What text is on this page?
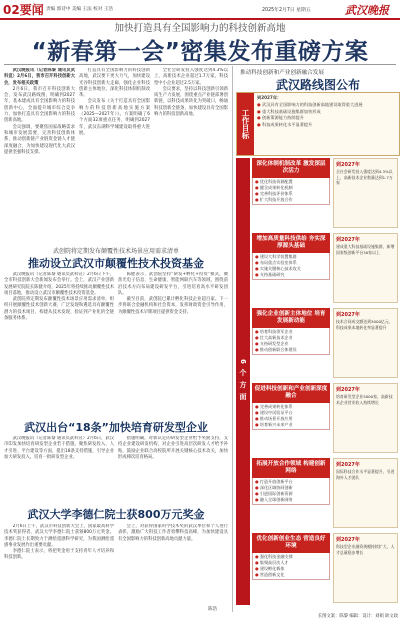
02要闻 责编 郭诗中 美编 王法 校对 王浩	2025年2月7日 星期五	武汉晚报
加快打造具有全国影响力的科技创新高地
“新春第一会”密集发布重磅方案

武汉晚报讯（记者陈黎 通讯员武科宣）2月6日，我市召开科技创新大会，发布相关政策

2月6日，我市召开科技创新大会，发布武汉路线图，明确到2027年，基本建成具有全国影响力的科技创新中心，全面提升城市综合竞争力，加快打造具有全国影响力的科技创新高地。

会议强调，要聚焦国家战略需求和城市发展需要，完善科技创新体系，推动创新链产业链资金链人才链深度融合，为加快建设现代化大武汉提供坚强科技支撑。

打造具有全国影响力的科技创新高地，武汉要下更大力气，加快建设光谷科技创新大走廊，强化企业科技创新主体地位，深化科技体制机制改革。

会议发布《关于打造具有全国影响力的科技创新高地实施方案（2025—2027年）》。方案明确了6个方面32项重点任务，明确到2027年，武汉东湖科学城建设取得重大进展。

全社会研发投入强度达到4.3%以上，高新技术企业超过1.7万家，科技型中小企业超过2.5万家。

会议要求，坚持以科技创新引领新质生产力发展，围绕重点产业链部署创新链，以科技成果转化为突破口，畅通科技创新全链条，加快建设具有全国影响力的科技创新高地。

武创院将定期发布颠覆性技术场景应用需求清单
推动设立武汉市颠覆性技术投资基金

武汉晚报讯（记者陈黎 通讯员武科宣）2月6日下午，全市科技创新大会新闻发布会举行。会上，武汉产业创新发展研究院院长陈健介绍，2025年将持续推动颠覆性技术项目落地，推动设立武汉市颠覆性技术投资基金。

武创院将定期发布颠覆性技术场景应用需求清单，组织开展颠覆性技术创新大赛，广泛发现和遴选具有颠覆性潜力的技术项目，构建从技术发现、验证到产业化的全链条服务体系。

陈健表示，武创院坚持“研发+孵化+投资”模式，聚焦光电子信息、生命健康、智能网联汽车等领域，围绕前沿技术方向布局建设研发平台，引进培育高水平研发团队。

截至目前，武创院已累计孵化科技企业超百家。下一步将联合金融机构和社会资本，发挥财政资金引导作用，为颠覆性技术早期项目提供资金支持。

武汉出台“18条”加快培育研发型企业

武汉晚报讯（记者陈黎 通讯员武科宣）2月6日，武汉市印发加快培育研发型企业若干措施，聚焦研发投入、人才引进、平台建设等方面，提出18条支持措施，引导企业加大研发投入，培育一批研发型企业。

措施明确，对新认定的研发型企业给予奖励支持，支持企业建设研发机构，对企业引进高层次研发人才给予补贴，鼓励企业联合高校院所开展关键核心技术攻关，加快形成梯次培育格局。

武汉大学李德仁院士获800万元奖金

2月6日上午，武汉市科技创新大会上，国家最高科学技术奖获得者、武汉大学李德仁院士获颁800万元奖金。李德仁院士长期致力于测绘遥感科学研究，为我国测绘遥感事业发展作出重要贡献。

李德仁院士表示，将把奖金用于支持青年人才培养和科技创新。

会上，对获得国家科学技术奖的武汉单位和个人进行表彰，激励广大科技工作者勇攀科技高峰，为加快建设具有全国影响力的科技创新高地贡献力量。

陈浩
推动科技创新和产业创新融合发展
武汉路线图公布
工作目标
到2027年：
● 武汉具有全国影响力的科技创新高地建设取得重大进展
● 重大科技基础设施集群加快形成
● 创新策源能力持续提升
● 科技成果转化水平显著提升
6个方面
深化体制机制改革 激发深层次活力
● 优化科技资源配置
● 健全成果转化机制
● 完善科技评价体系
● 扩大科技开放合作
增加高质量科技供给 夯实深厚源头基础
● 建设大科学装置集群
● 布局重点实验室体系
● 实施关键核心技术攻关
● 支持基础研究
强化企业创新主体地位 培育发展新动能
● 培育科技领军企业
● 壮大高新技术企业
● 支持研发型企业
● 推动创新联合体建设
促进科技创新和产业创新深度融合
● 完善成果转化体系
● 建设中试验证平台
● 推动场景开放应用
● 培育新兴未来产业
拓展开放合作领域 构建创新网络
● 打造开放创新平台
● 深化区域协同创新
● 引进国际创新资源
● 融入全球创新网络
优化创新创业生态 营造良好环境
● 强化科技金融支撑
● 集聚高层次人才
● 建设孵化载体
● 营造创新文化
到2027年
全社会研发投入强度达到4.3%以上，高新技术企业数量达到1.7万家
到2027年
建成重大科技基础设施集群，新增国家级创新平台30家以上
到2027年
技术合同成交额达到3000亿元，科技成果本地转化率显著提升
到2027年
培育研发型企业5000家，高新技术企业营业收入持续增长
到2027年
国际科技合作水平显著提升，引进海外人才团队
到2027年
科技型企业融资规模持续扩大，人才总量稳步增长
长图文案：陈黎 编辑：设计：刘娟 耿文政
